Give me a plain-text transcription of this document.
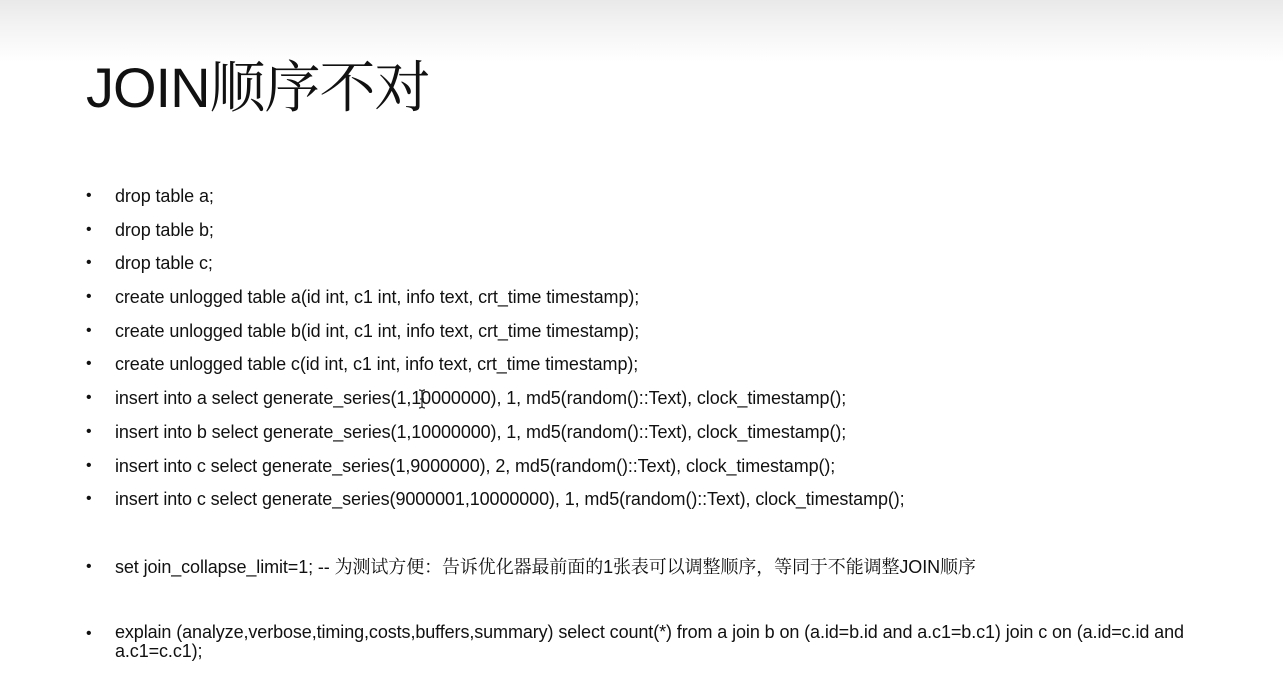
JOIN顺序不对
• drop table a;
• drop table b;
• drop table c;
• create unlogged table a(id int, c1 int, info text, crt_time timestamp);
• create unlogged table b(id int, c1 int, info text, crt_time timestamp);
• create unlogged table c(id int, c1 int, info text, crt_time timestamp);
• insert into a select generate_series(1,10000000), 1, md5(random()::Text), clock_timestamp();
• insert into b select generate_series(1,10000000), 1, md5(random()::Text), clock_timestamp();
• insert into c select generate_series(1,9000000), 2, md5(random()::Text), clock_timestamp();
• insert into c select generate_series(9000001,10000000), 1, md5(random()::Text), clock_timestamp();
• set join_collapse_limit=1; -- 为测试方便：告诉优化器最前面的1张表可以调整顺序，等同于不能调整JOIN顺序
• explain (analyze,verbose,timing,costs,buffers,summary) select count(*) from a join b on (a.id=b.id and a.c1=b.c1) join c on (a.id=c.id and a.c1=c.c1);
